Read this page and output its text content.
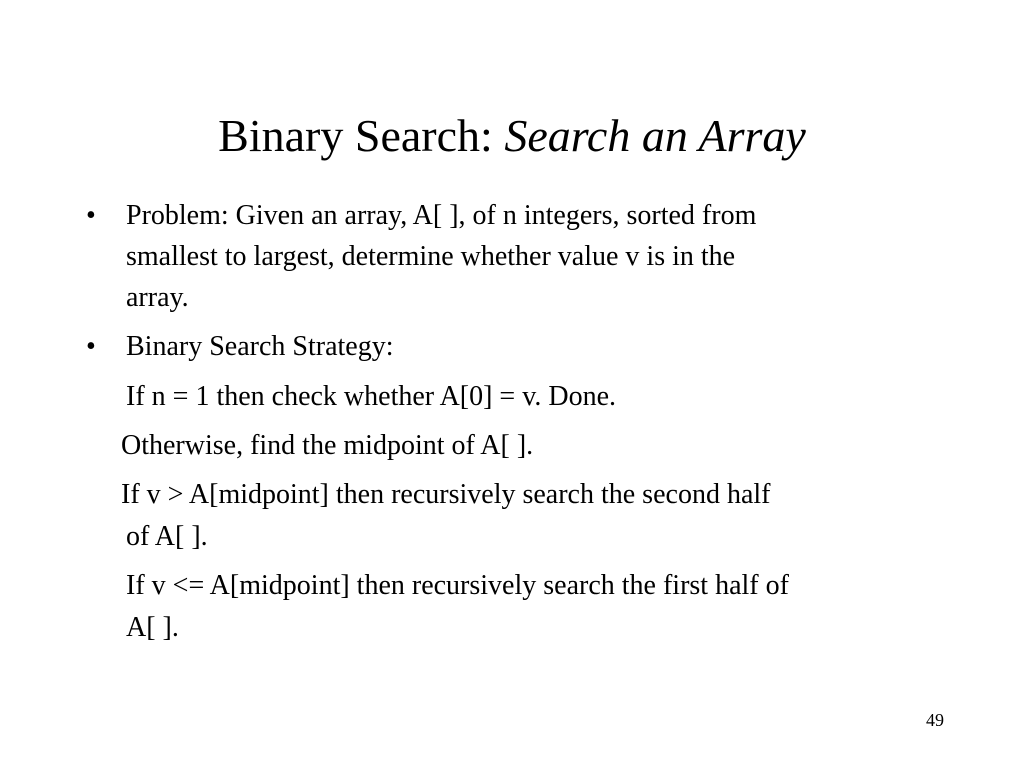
Binary Search: Search an Array
• Problem: Given an array, A[ ], of n integers, sorted from
smallest to largest, determine whether value v is in the
array.
• Binary Search Strategy:
If n = 1 then check whether A[0] = v. Done.
Otherwise, find the midpoint of A[ ].
If v > A[midpoint] then recursively search the second half
of A[ ].
If v <= A[midpoint] then recursively search the first half of
A[ ].
49
